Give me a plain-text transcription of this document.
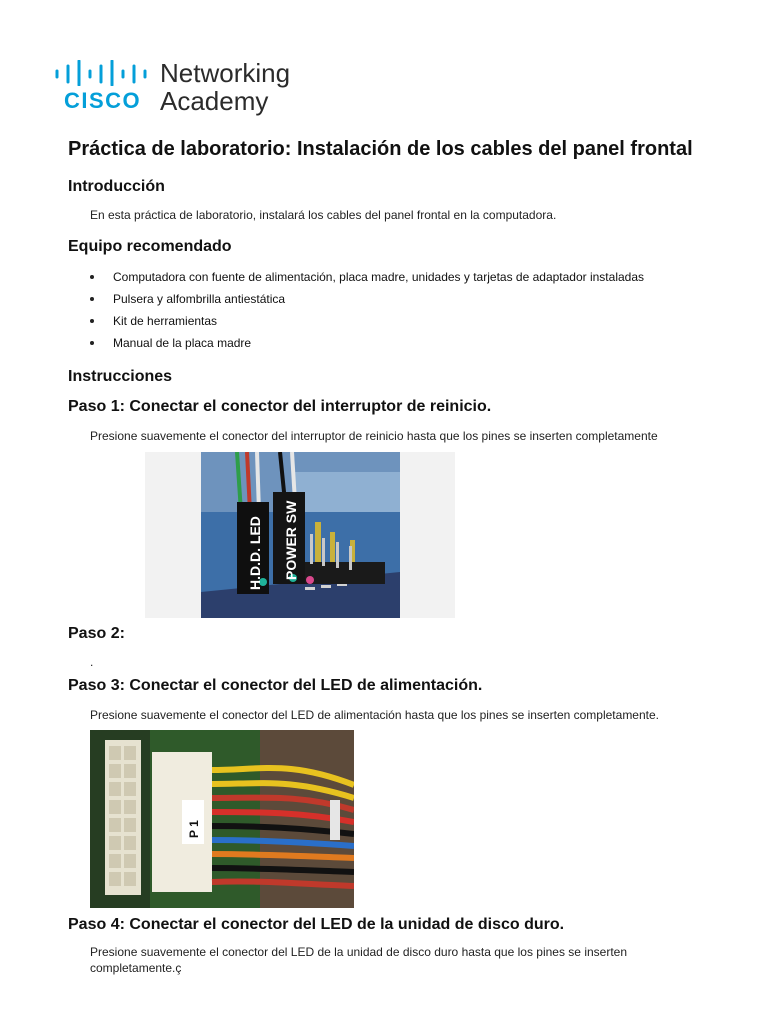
CISCO
Networking
Academy
Práctica de laboratorio: Instalación de los cables del panel frontal
Introducción

En esta práctica de laboratorio, instalará los cables del panel frontal en la computadora.

Equipo recomendado
Computadora con fuente de alimentación, placa madre, unidades y tarjetas de adaptador instaladas
Pulsera y alfombrilla antiestática
Kit de herramientas
Manual de la placa madre
Instrucciones
Paso 1: Conectar el conector del interruptor de reinicio.

Presione suavemente el conector del interruptor de reinicio hasta que los pines se inserten completamente

H.D.D. LED POWER SW
Paso 2:

.

Paso 3: Conectar el conector del LED de alimentación.

Presione suavemente el conector del LED de alimentación hasta que los pines se inserten completamente.

P 1
Paso 4: Conectar el conector del LED de la unidad de disco duro.

Presione suavemente el conector del LED de la unidad de disco duro hasta que los pines se inserten completamente.ç
